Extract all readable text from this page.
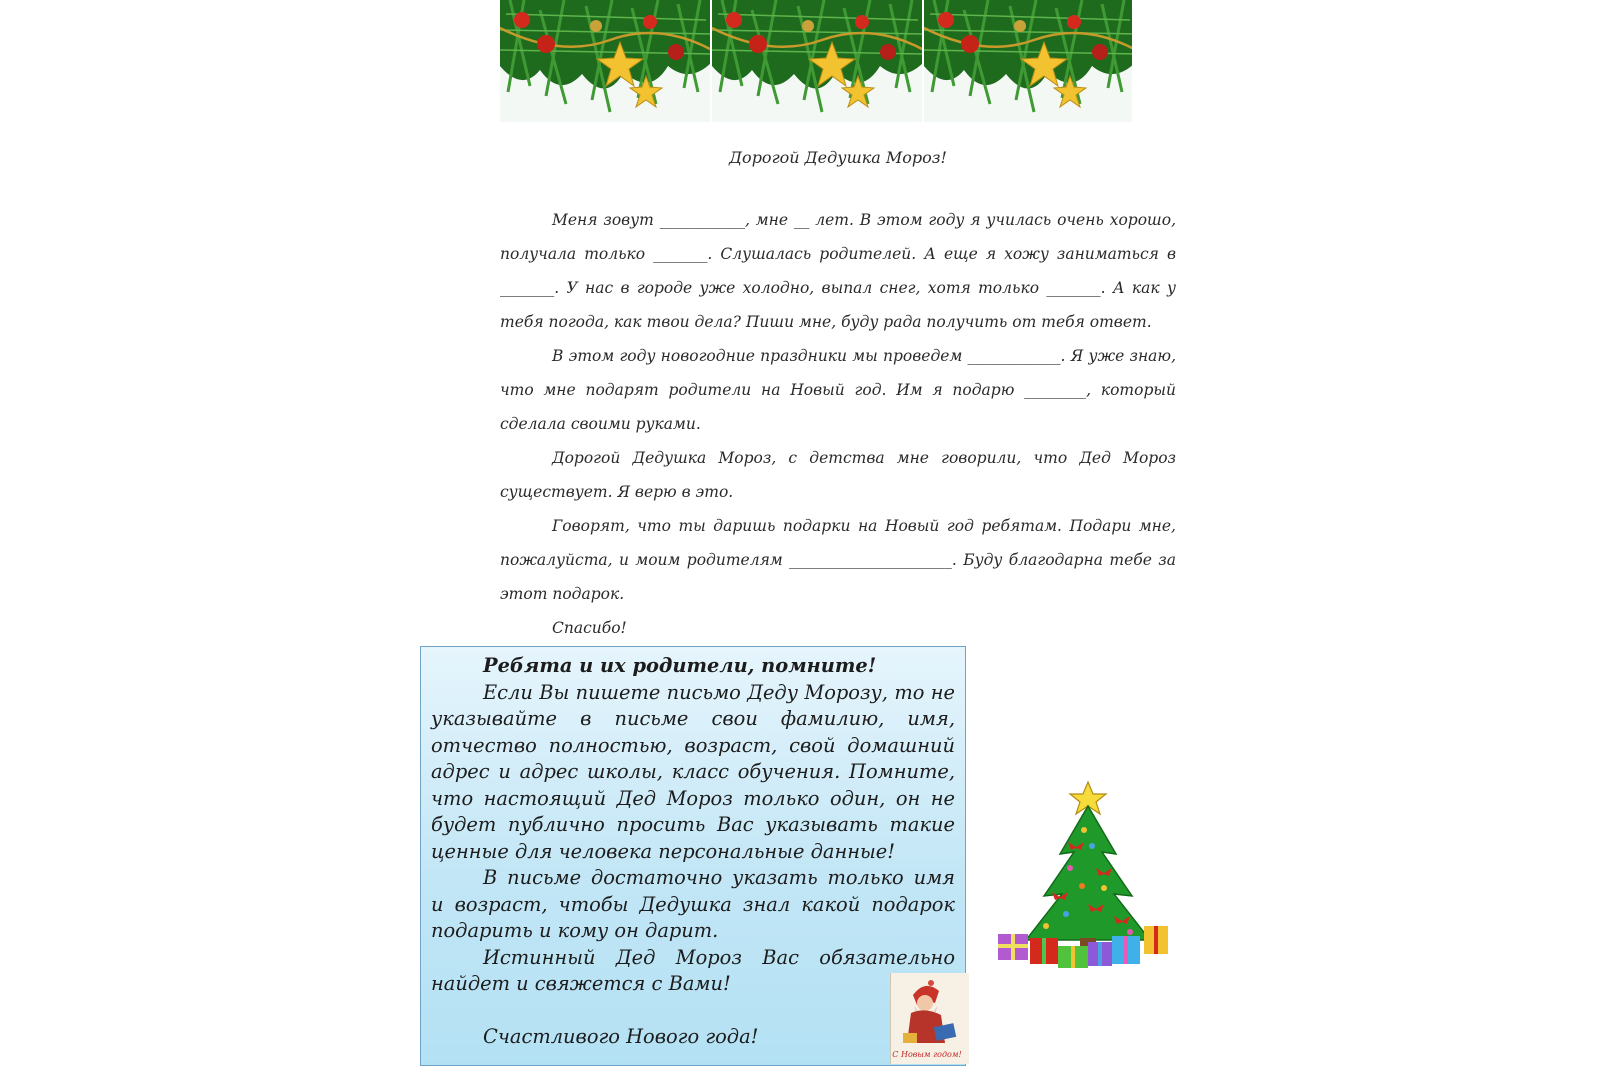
Дорогой Дедушка Мороз!

Меня зовут ___________, мне __ лет. В этом году я училась очень хорошо, получала только _______. Слушалась родителей. А еще я хожу заниматься в _______. У нас в городе уже холодно, выпал снег, хотя только _______. А как у тебя погода, как твои дела? Пиши мне, буду рада получить от тебя ответ.

В этом году новогодние праздники мы проведем ____________. Я уже знаю, что мне подарят родители на Новый год. Им я подарю ________, который сделала своими руками.

Дорогой Дедушка Мороз, с детства мне говорили, что Дед Мороз существует. Я верю в это.

Говорят, что ты даришь подарки на Новый год ребятам. Подари мне, пожалуйста, и моим родителям _____________________. Буду благодарна тебе за этот подарок.

Спасибо!

Ребята и их родители, помните!

Если Вы пишете письмо Деду Морозу, то не указывайте в письме свои фамилию, имя, отчество полностью, возраст, свой домашний адрес и адрес школы, класс обучения. Помните, что настоящий Дед Мороз только один, он не будет публично просить Вас указывать такие ценные для человека персональные данные!

В письме достаточно указать только имя и возраст, чтобы Дедушка знал какой подарок подарить и кому он дарит.

Истинный Дед Мороз Вас обязательно найдет и свяжется с Вами!

Счастливого Нового года!
С Новым годом!
